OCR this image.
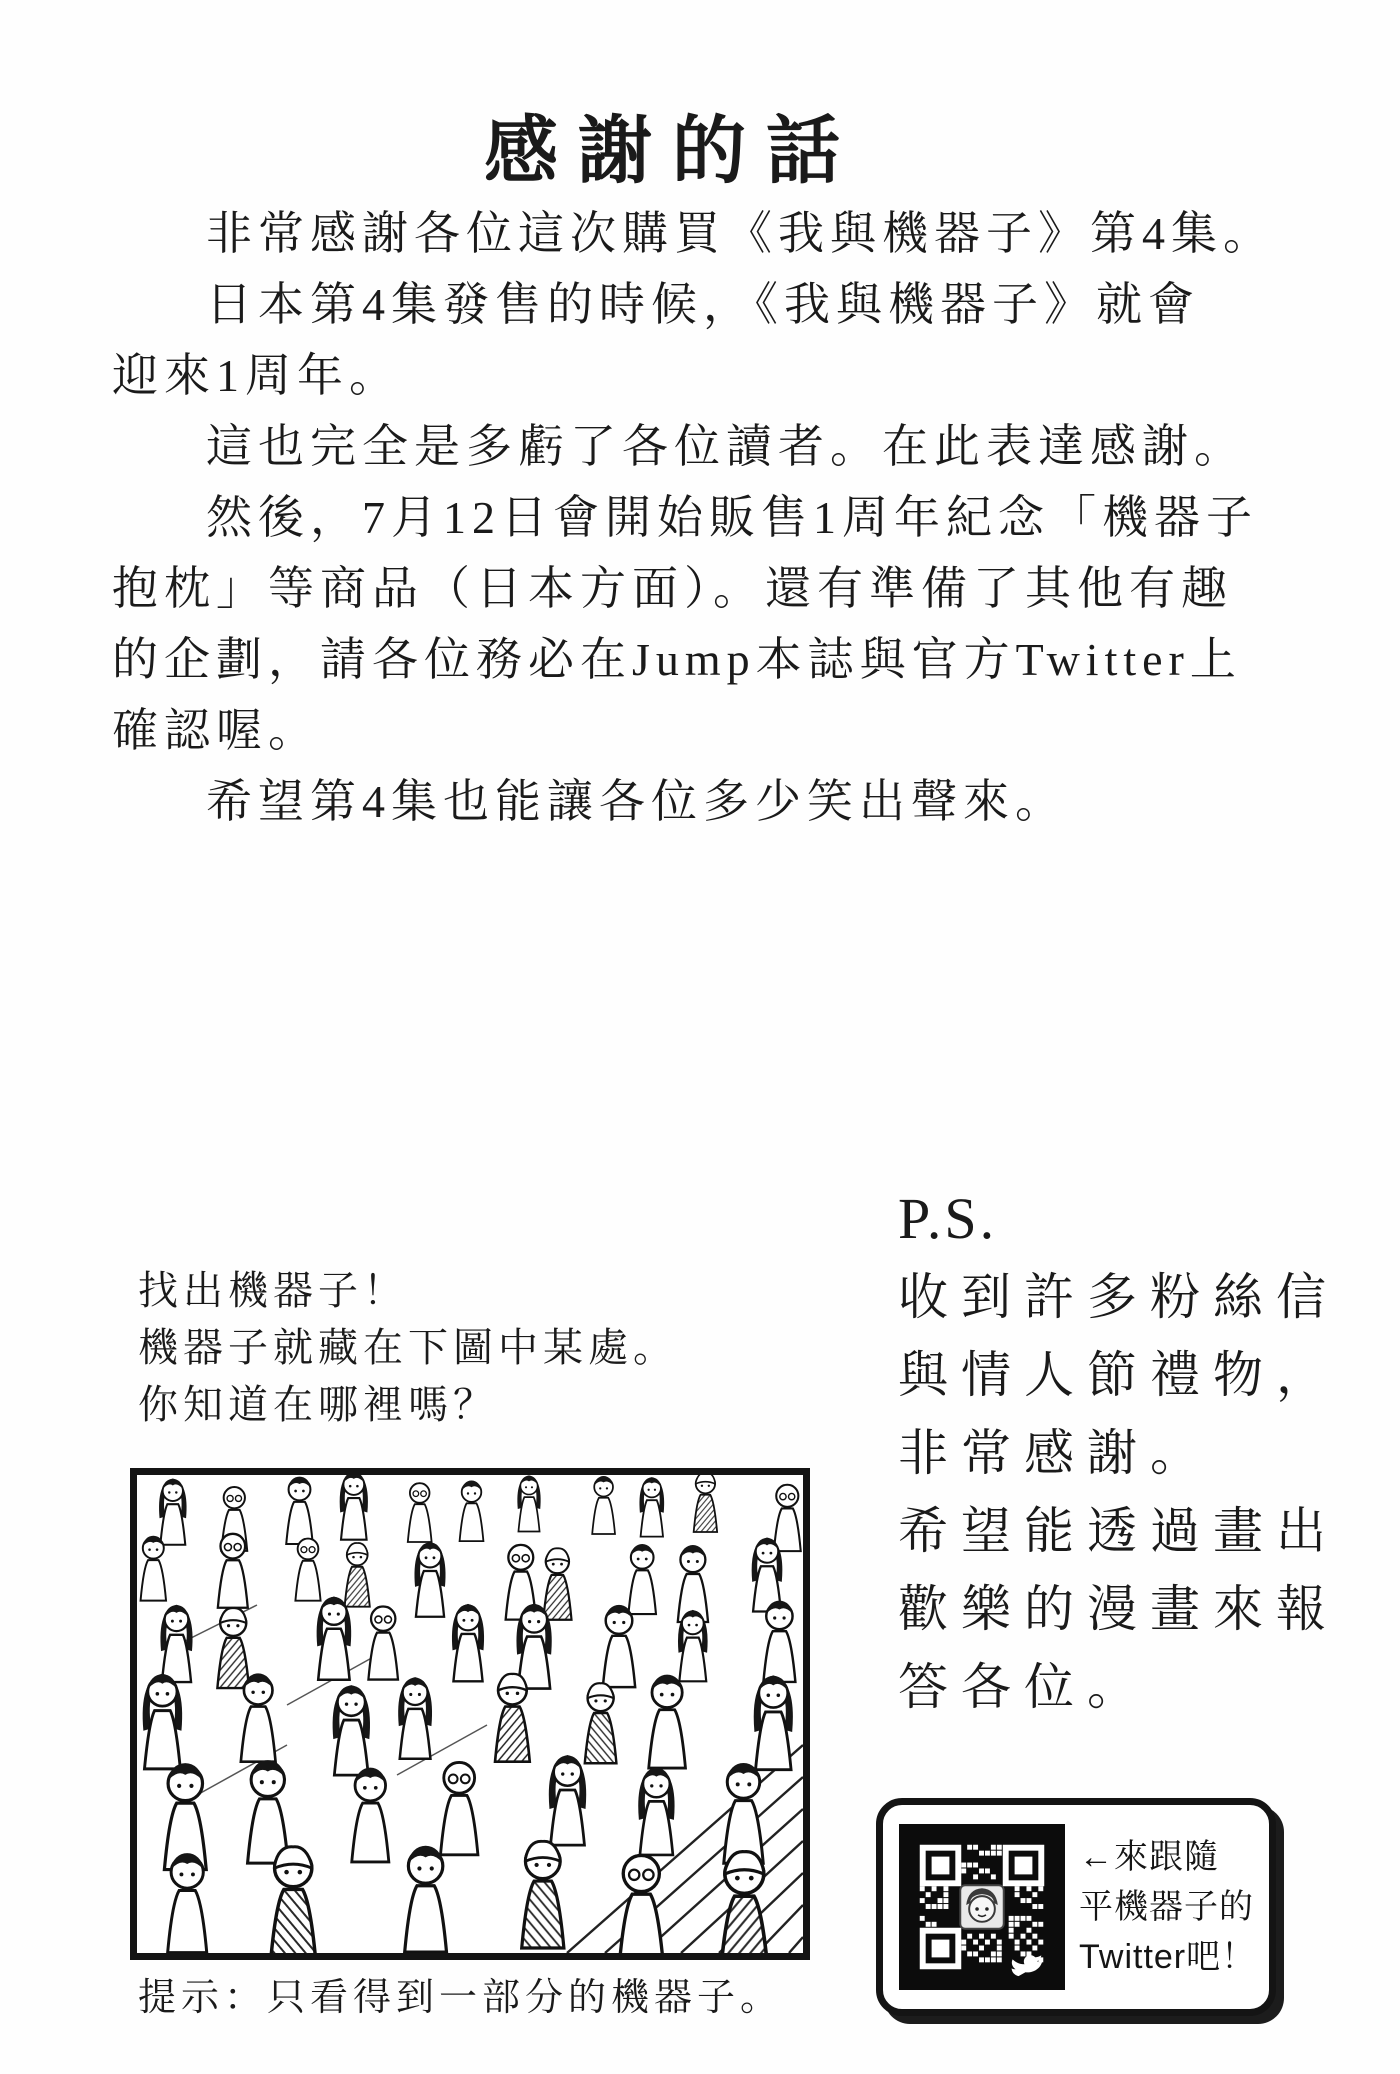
感謝的話
非常感謝各位這次購買《我與機器子》第4集。
日本第4集發售的時候，《我與機器子》就會
迎來1周年。
這也完全是多虧了各位讀者。在此表達感謝。
然後，7月12日會開始販售1周年紀念「機器子
抱枕」等商品（日本方面）。還有準備了其他有趣
的企劃，請各位務必在Jump本誌與官方Twitter上
確認喔。
希望第4集也能讓各位多少笑出聲來。
找出機器子！
機器子就藏在下圖中某處。
你知道在哪裡嗎？
P.S.
收到許多粉絲信
與情人節禮物，
非常感謝。
希望能透過畫出
歡樂的漫畫來報
答各位。
提示：只看得到一部分的機器子。
←來跟隨
平機器子的
Twitter吧！
